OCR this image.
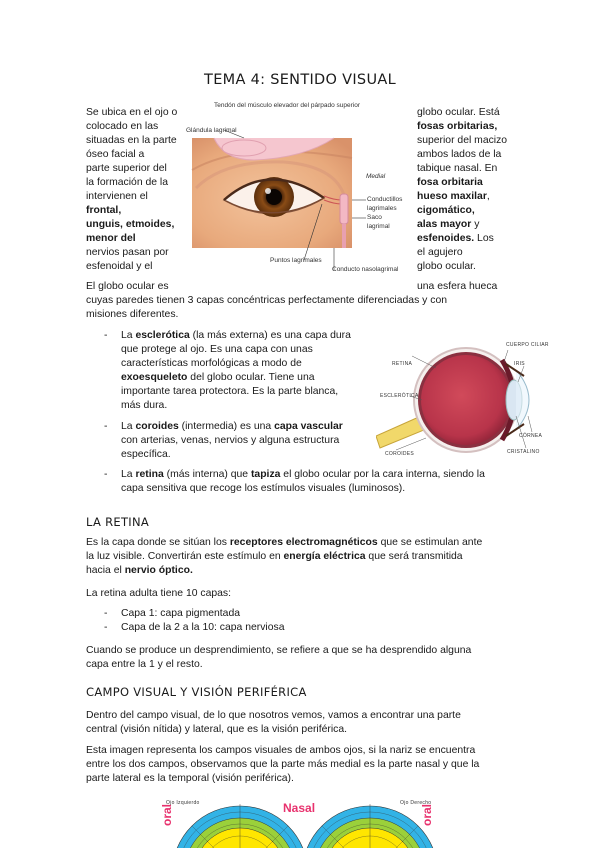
TEMA 4: SENTIDO VISUAL
Se ubica en el ojo o
colocado en las
situadas en la parte
óseo facial a
parte superior del
la formación de la
intervienen el
frontal,
unguis, etmoides,
menor del
nervios pasan por
esfenoidal y el
globo ocular. Está
fosas orbitarias,
superior del macizo
ambos lados de la
tabique nasal. En
fosa orbitaria
hueso maxilar,
cigomático,
alas mayor y
esfenoides. Los
el agujero
globo ocular.
Tendón del músculo elevador del párpado superior
Glándula lagrimal
Medial
Conductillos
lagrimales
Saco
lagrimal
Puntos lagrimales
Conducto nasolagrimal
El globo ocular es	una esfera hueca
cuyas paredes tienen 3 capas concéntricas perfectamente diferenciadas y con
misiones diferentes.
- La esclerótica (la más externa) es una capa dura
que protege al ojo. Es una capa con unas
características morfológicas a modo de
exoesqueleto del globo ocular. Tiene una
importante tarea protectora. Es la parte blanca,
más dura.
- La coroides (intermedia) es una capa vascular
con arterias, venas, nervios y alguna estructura
específica.
- La retina (más interna) que tapiza el globo ocular por la cara interna, siendo la
capa sensitiva que recoge los estímulos visuales (luminosos).
CUERPO CILIAR
IRIS
RETINA
ESCLERÓTICA
CÓRNEA
CRISTALINO
COROIDES
LA RETINA
Es la capa donde se sitúan los receptores electromagnéticos que se estimulan ante
la luz visible. Convertirán este estímulo en energía eléctrica que será transmitida
hacia el nervio óptico.
La retina adulta tiene 10 capas:
- Capa 1: capa pigmentada
- Capa de la 2 a la 10: capa nerviosa
Cuando se produce un desprendimiento, se refiere a que se ha desprendido alguna
capa entre la 1 y el resto.
CAMPO VISUAL Y VISIÓN PERIFÉRICA
Dentro del campo visual, de lo que nosotros vemos, vamos a encontrar una parte
central (visión nítida) y lateral, que es la visión periférica.
Esta imagen representa los campos visuales de ambos ojos, si la nariz se encuentra
entre los dos campos, observamos que la parte más medial es la parte nasal y que la
parte lateral es la temporal (visión periférica).
Ojo Izquierdo	Ojo Derecho
Nasal
oral	oral
